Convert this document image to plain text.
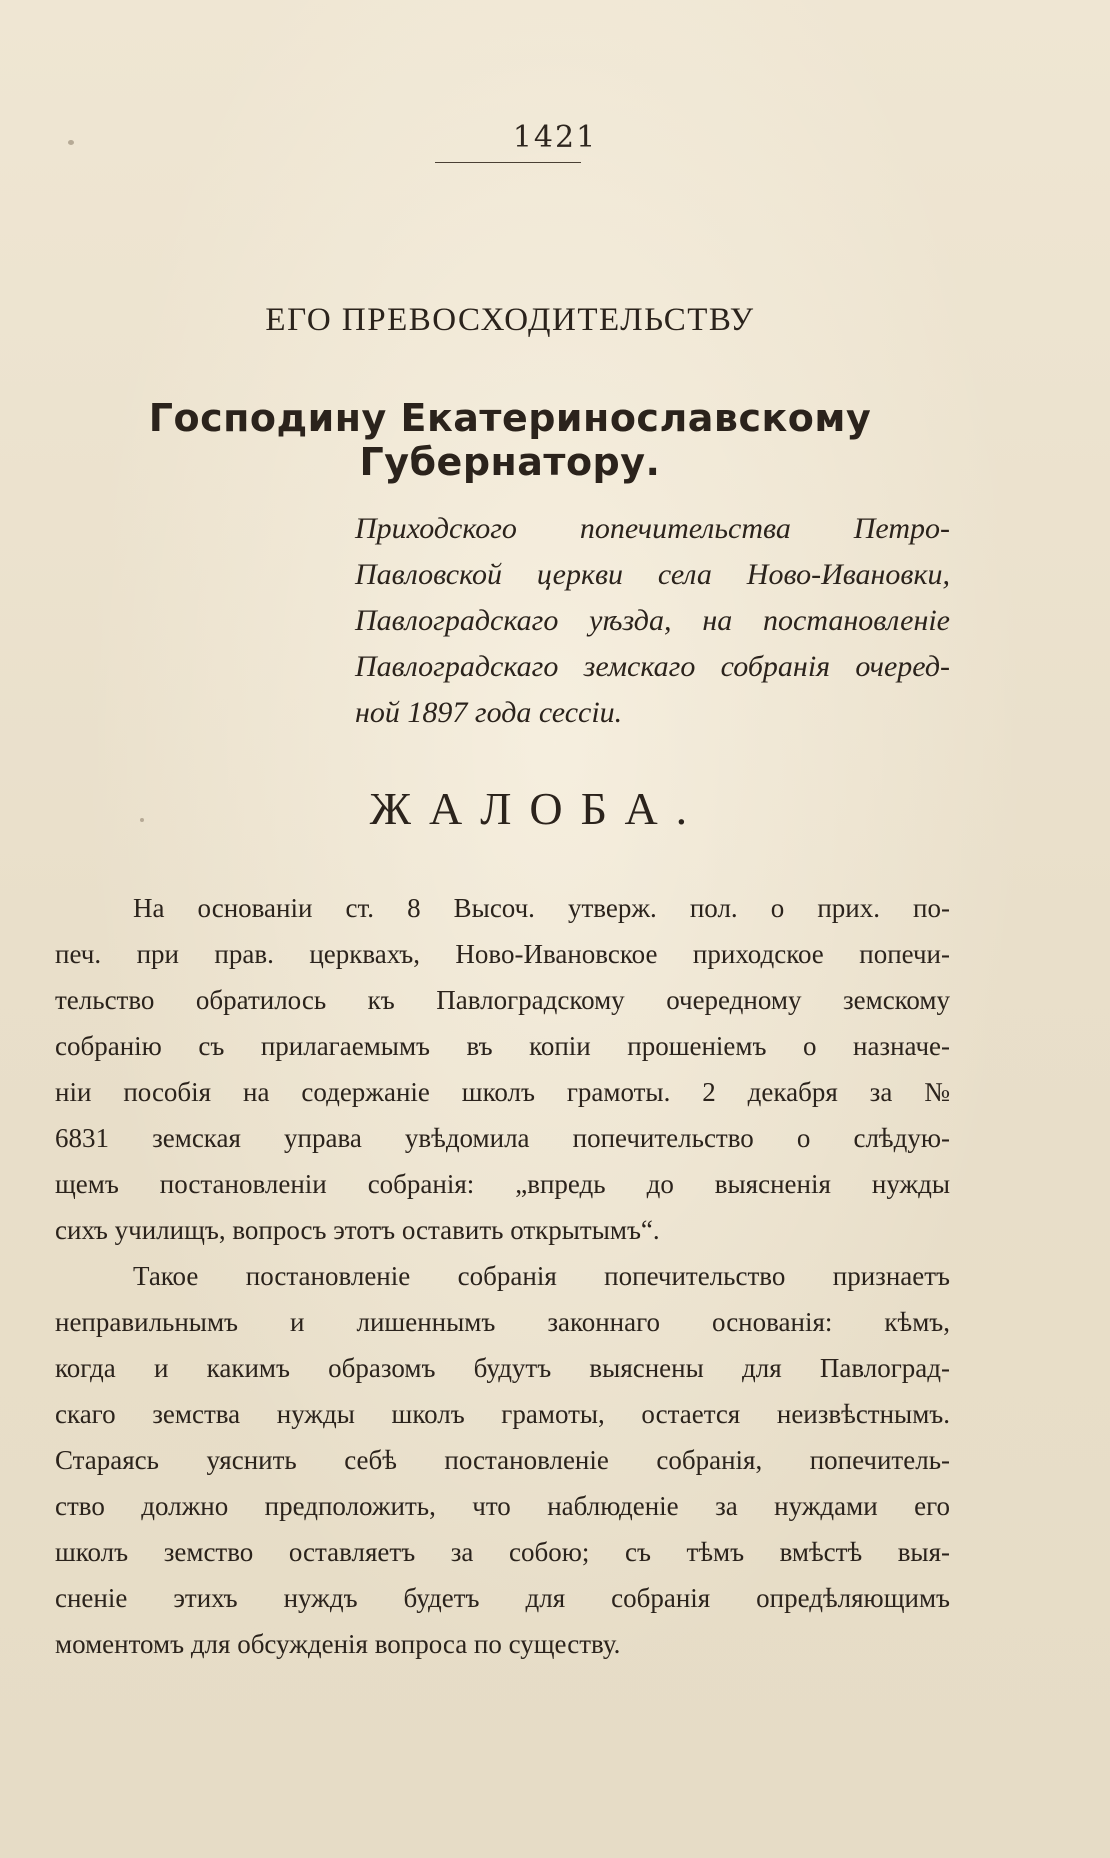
1421
ЕГО ПРЕВОСХОДИТЕЛЬСТВУ
Господину Екатеринославскому Губернатору.
Приходского попечительства Петро-
Павловской церкви села Ново-Ивановки,
Павлоградскаго уѣзда, на постановленіе
Павлоградскаго земскаго собранія очеред-
ной 1897 года сессіи.
ЖАЛОБА.
На основаніи ст. 8 Высоч. утверж. пол. о прих. по-
печ. при прав. церквахъ, Ново-Ивановское приходское попечи-
тельство обратилось къ Павлоградскому очередному земскому
собранію съ прилагаемымъ въ копіи прошеніемъ о назначе-
ніи пособія на содержаніе школъ грамоты. 2 декабря за №
6831 земская управа увѣдомила попечительство о слѣдую-
щемъ постановленіи собранія: „впредь до выясненія нужды
сихъ училищъ, вопросъ этотъ оставить открытымъ“.
Такое постановленіе собранія попечительство признаетъ
неправильнымъ и лишеннымъ законнаго основанія: кѣмъ,
когда и какимъ образомъ будутъ выяснены для Павлоград-
скаго земства нужды школъ грамоты, остается неизвѣстнымъ.
Стараясь уяснить себѣ постановленіе собранія, попечитель-
ство должно предположить, что наблюденіе за нуждами его
школъ земство оставляетъ за собою; съ тѣмъ вмѣстѣ выя-
сненіе этихъ нуждъ будетъ для собранія опредѣляющимъ
моментомъ для обсужденія вопроса по существу.
